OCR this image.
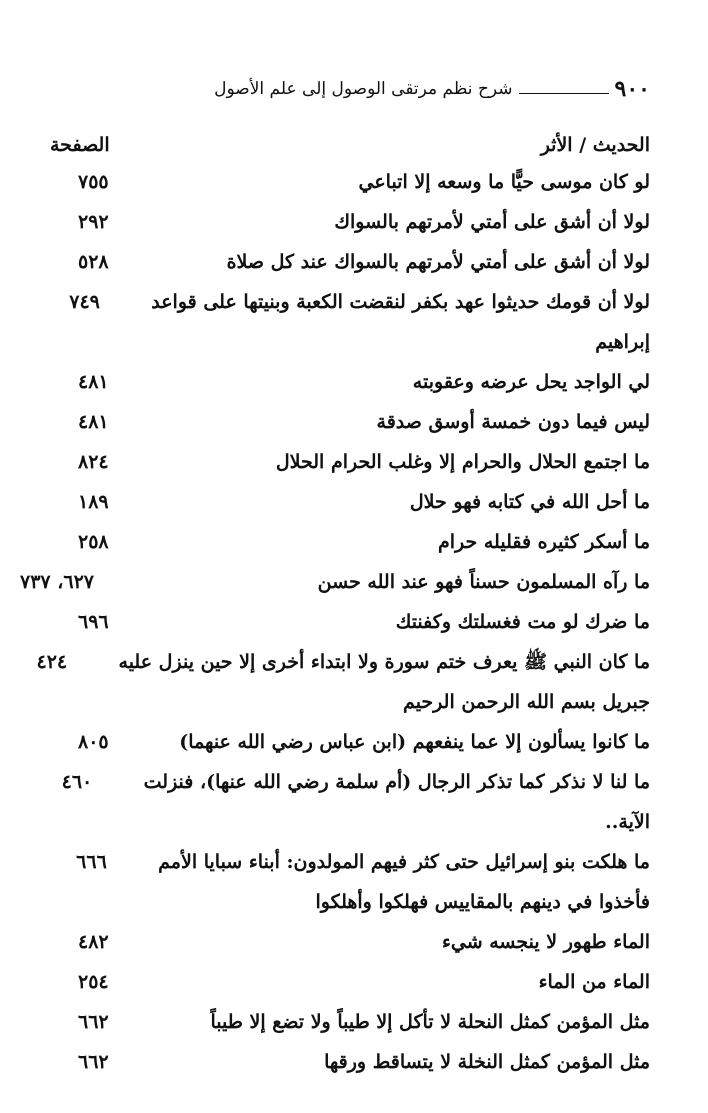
٩٠٠
شرح نظم مرتقى الوصول إلى علم الأصول
الحديث / الأثر
الصفحة
لو كان موسى حيًّا ما وسعه إلا اتباعي
٧٥٥
لولا أن أشق على أمتي لأمرتهم بالسواك
٢٩٢
لولا أن أشق على أمتي لأمرتهم بالسواك عند كل صلاة
٥٢٨
لولا أن قومك حديثوا عهد بكفر لنقضت الكعبة وبنيتها على قواعد
إبراهيم
٧٤٩
لي الواجد يحل عرضه وعقوبته
٤٨١
ليس فيما دون خمسة أوسق صدقة
٤٨١
ما اجتمع الحلال والحرام إلا وغلب الحرام الحلال
٨٢٤
ما أحل الله في كتابه فهو حلال
١٨٩
ما أسكر كثيره فقليله حرام
٢٥٨
ما رآه المسلمون حسناً فهو عند الله حسن
٦٢٧، ٧٣٧
ما ضرك لو مت فغسلتك وكفنتك
٦٩٦
ما كان النبي ﷺ يعرف ختم سورة ولا ابتداء أخرى إلا حين ينزل عليه
جبريل بسم الله الرحمن الرحيم
٤٢٤
ما كانوا يسألون إلا عما ينفعهم (ابن عباس رضي الله عنهما)
٨٠٥
ما لنا لا نذكر كما تذكر الرجال (أم سلمة رضي الله عنها)، فنزلت
الآية..
٤٦٠
ما هلكت بنو إسرائيل حتى كثر فيهم المولدون: أبناء سبايا الأمم
فأخذوا في دينهم بالمقاييس فهلكوا وأهلكوا
٦٦٦
الماء طهور لا ينجسه شيء
٤٨٢
الماء من الماء
٢٥٤
مثل المؤمن كمثل النحلة لا تأكل إلا طيباً ولا تضع إلا طيباً
٦٦٢
مثل المؤمن كمثل النخلة لا يتساقط ورقها
٦٦٢
